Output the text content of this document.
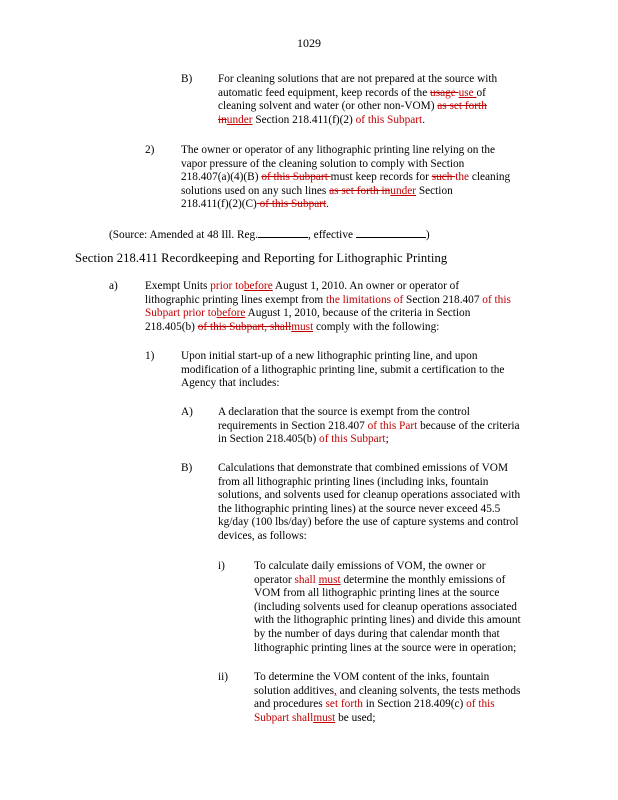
1029
B) For cleaning solutions that are not prepared at the source with

automatic feed equipment, keep records of the usage use of

cleaning solvent and water (or other non-VOM) as set forth

inunder Section 218.411(f)(2) of this Subpart.

2) The owner or operator of any lithographic printing line relying on the

vapor pressure of the cleaning solution to comply with Section

218.407(a)(4)(B) of this Subpart must keep records for such the cleaning

solutions used on any such lines as set forth inunder Section

218.411(f)(2)(C) of this Subpart.

(Source: Amended at 48 Ill. Reg.	, effective	)
Section 218.411 Recordkeeping and Reporting for Lithographic Printing
a) Exempt Units prior tobefore August 1, 2010. An owner or operator of

lithographic printing lines exempt from the limitations of Section 218.407 of this

Subpart prior tobefore August 1, 2010, because of the criteria in Section

218.405(b) of this Subpart, shallmust comply with the following:

1) Upon initial start-up of a new lithographic printing line, and upon

modification of a lithographic printing line, submit a certification to the

Agency that includes:

A) A declaration that the source is exempt from the control

requirements in Section 218.407 of this Part because of the criteria

in Section 218.405(b) of this Subpart;

B) Calculations that demonstrate that combined emissions of VOM

from all lithographic printing lines (including inks, fountain

solutions, and solvents used for cleanup operations associated with

the lithographic printing lines) at the source never exceed 45.5

kg/day (100 lbs/day) before the use of capture systems and control

devices, as follows:

i)	To calculate daily emissions of VOM, the owner or

operator shall must determine the monthly emissions of

VOM from all lithographic printing lines at the source

(including solvents used for cleanup operations associated

with the lithographic printing lines) and divide this amount

by the number of days during that calendar month that

lithographic printing lines at the source were in operation;

ii) To determine the VOM content of the inks, fountain

solution additives, and cleaning solvents, the tests methods

and procedures set forth in Section 218.409(c) of this

Subpart shallmust be used;
